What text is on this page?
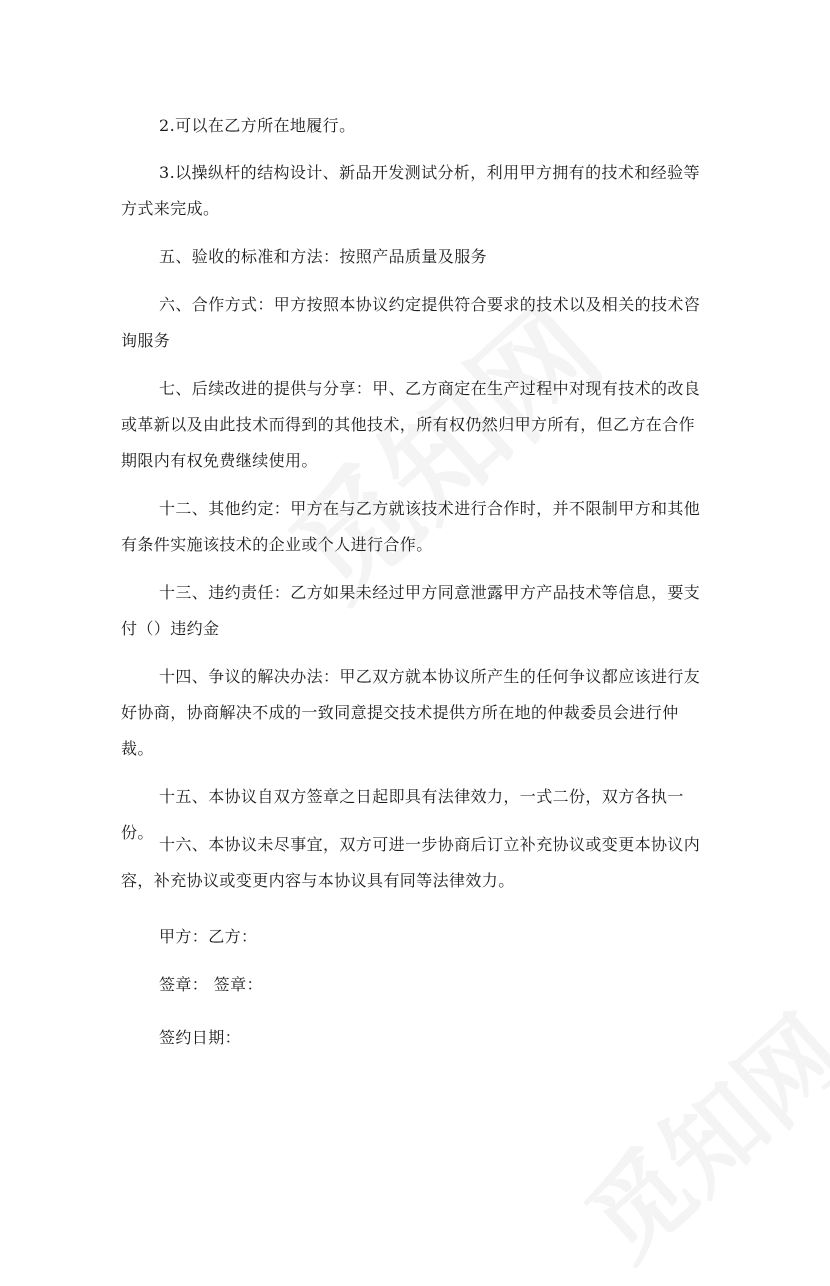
2.可以在乙方所在地履行。

3.以操纵杆的结构设计、新品开发测试分析，利用甲方拥有的技术和经验等方式来完成。

五、验收的标准和方法：按照产品质量及服务

六、合作方式：甲方按照本协议约定提供符合要求的技术以及相关的技术咨询服务

七、后续改进的提供与分享：甲、乙方商定在生产过程中对现有技术的改良或革新以及由此技术而得到的其他技术，所有权仍然归甲方所有，但乙方在合作期限内有权免费继续使用。

十二、其他约定：甲方在与乙方就该技术进行合作时，并不限制甲方和其他有条件实施该技术的企业或个人进行合作。

十三、违约责任：乙方如果未经过甲方同意泄露甲方产品技术等信息，要支付（）违约金

十四、争议的解决办法：甲乙双方就本协议所产生的任何争议都应该进行友好协商，协商解决不成的一致同意提交技术提供方所在地的仲裁委员会进行仲裁。

十五、本协议自双方签章之日起即具有法律效力，一式二份，双方各执一份。

十六、本协议未尽事宜，双方可进一步协商后订立补充协议或变更本协议内容，补充协议或变更内容与本协议具有同等法律效力。

甲方：乙方：

签章： 签章：

签约日期：
